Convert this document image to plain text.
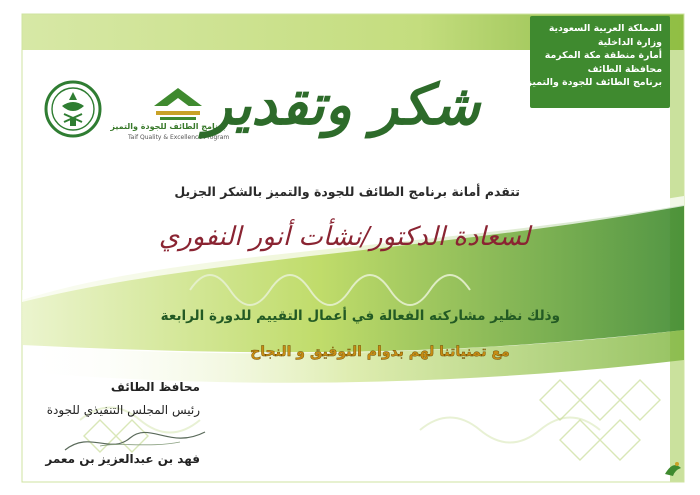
المملكة العربية السعودية
وزارة الداخلية
أمارة منطقة مكة المكرمة
محافظة الطائف
برنامج الطائف للجودة والتميز
برنامج الطائف للجودة والتميز
Taif Quality & Excellence Program
شكر وتقدير
تتقدم أمانة برنامج الطائف للجودة والتميز بالشكر الجزيل
لسعادة الدكتور/نشأت أنور النفوري
وذلك نظير مشاركته الفعالة في أعمال التقييم للدورة الرابعة
مع تمنياتنا لهم بدوام التوفيق و النجاح
محافظ الطائف
رئيس المجلس التنفيذي للجودة
فهد بن عبدالعزيز بن معمر
